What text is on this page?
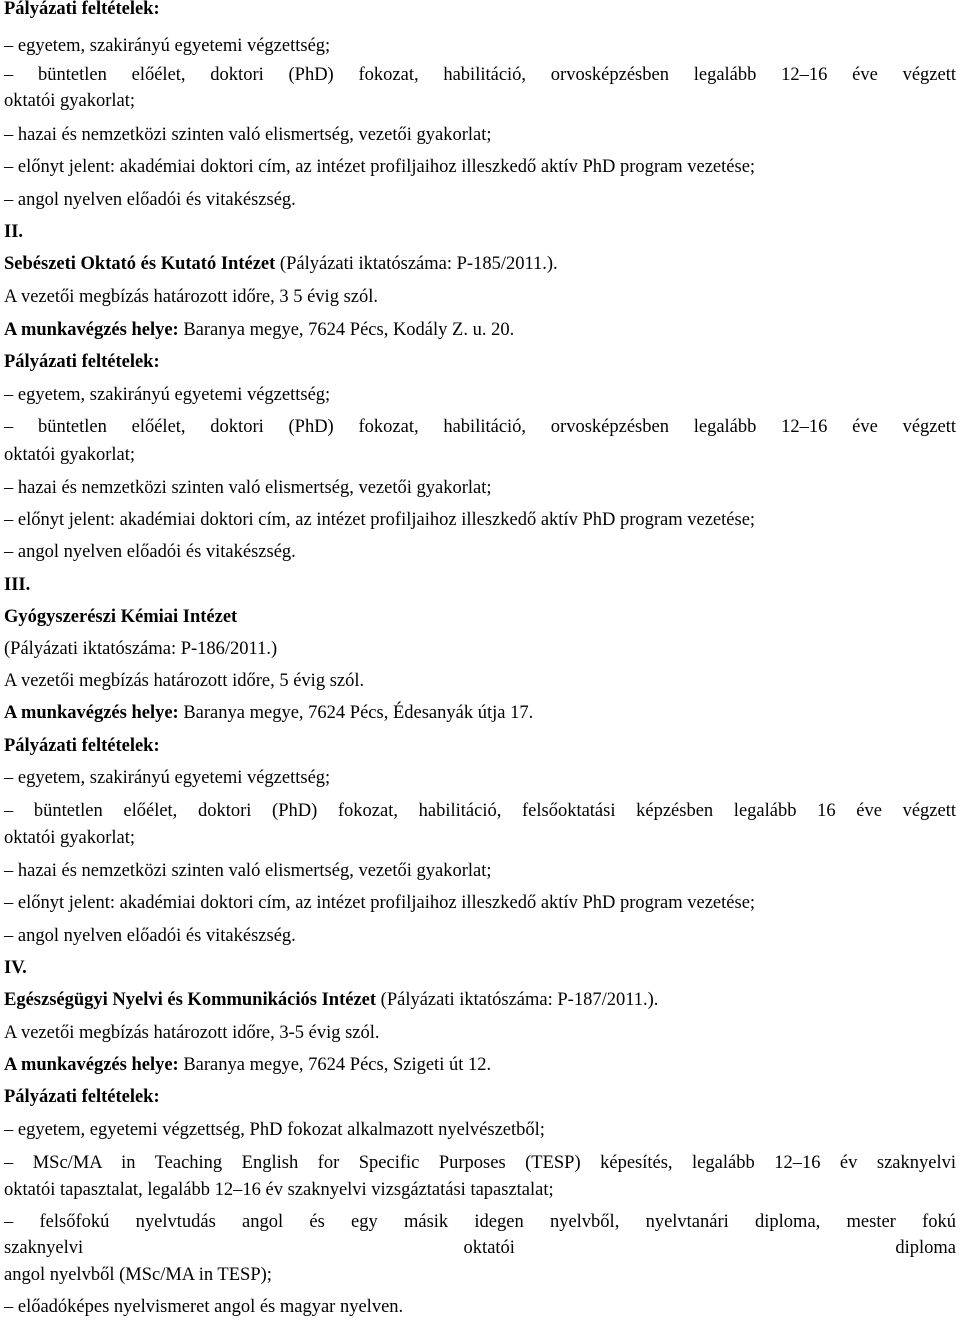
Pályázati feltételek:
– egyetem, szakirányú egyetemi végzettség;
– büntetlen előélet, doktori (PhD) fokozat, habilitáció, orvosképzésben legalább 12–16 éve végzett
oktatói gyakorlat;
– hazai és nemzetközi szinten való elismertség, vezetői gyakorlat;
– előnyt jelent: akadémiai doktori cím, az intézet profiljaihoz illeszkedő aktív PhD program vezetése;
– angol nyelven előadói és vitakészség.
II.
Sebészeti Oktató és Kutató Intézet (Pályázati iktatószáma: P-185/2011.).
A vezetői megbízás határozott időre, 3 5 évig szól.
A munkavégzés helye: Baranya megye, 7624 Pécs, Kodály Z. u. 20.
Pályázati feltételek:
– egyetem, szakirányú egyetemi végzettség;
– büntetlen előélet, doktori (PhD) fokozat, habilitáció, orvosképzésben legalább 12–16 éve végzett
oktatói gyakorlat;
– hazai és nemzetközi szinten való elismertség, vezetői gyakorlat;
– előnyt jelent: akadémiai doktori cím, az intézet profiljaihoz illeszkedő aktív PhD program vezetése;
– angol nyelven előadói és vitakészség.
III.
Gyógyszerészi Kémiai Intézet
(Pályázati iktatószáma: P-186/2011.)
A vezetői megbízás határozott időre, 5 évig szól.
A munkavégzés helye: Baranya megye, 7624 Pécs, Édesanyák útja 17.
Pályázati feltételek:
– egyetem, szakirányú egyetemi végzettség;
– büntetlen előélet, doktori (PhD) fokozat, habilitáció, felsőoktatási képzésben legalább 16 éve végzett
oktatói gyakorlat;
– hazai és nemzetközi szinten való elismertség, vezetői gyakorlat;
– előnyt jelent: akadémiai doktori cím, az intézet profiljaihoz illeszkedő aktív PhD program vezetése;
– angol nyelven előadói és vitakészség.
IV.
Egészségügyi Nyelvi és Kommunikációs Intézet (Pályázati iktatószáma: P-187/2011.).
A vezetői megbízás határozott időre, 3-5 évig szól.
A munkavégzés helye: Baranya megye, 7624 Pécs, Szigeti út 12.
Pályázati feltételek:
– egyetem, egyetemi végzettség, PhD fokozat alkalmazott nyelvészetből;
– MSc/MA in Teaching English for Specific Purposes (TESP) képesítés, legalább 12–16 év szaknyelvi
oktatói tapasztalat, legalább 12–16 év szaknyelvi vizsgáztatási tapasztalat;
– felsőfokú nyelvtudás angol és egy másik idegen nyelvből, nyelvtanári diploma, mester fokú
szaknyelvi oktatói diploma
angol nyelvből (MSc/MA in TESP);
– előadóképes nyelvismeret angol és magyar nyelven.
